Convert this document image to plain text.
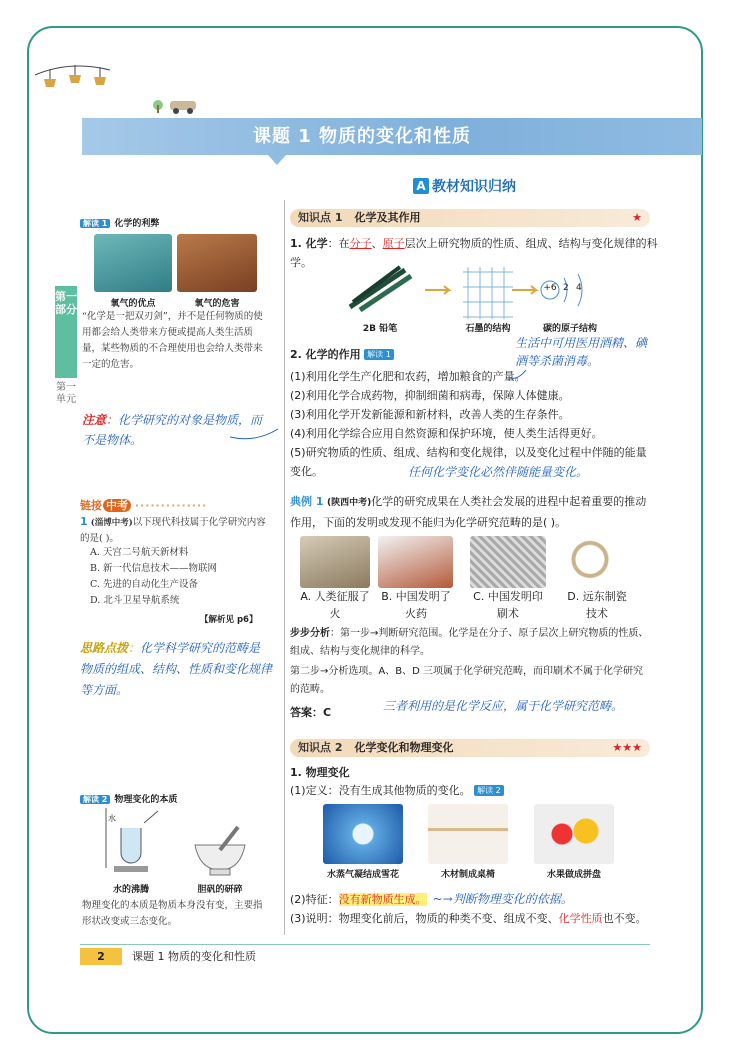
课题 1 物质的变化和性质
第一部分
第一单元
A 教材知识归纳
解读 1 化学的利弊
氧气的优点	氧气的危害
“化学是一把双刃剑”，并不是任何物质的使用都会给人类带来方便或提高人类生活质量，某些物质的不合理使用也会给人类带来一定的危害。
注意：化学研究的对象是物质，而不是物体。
链接 中考 ··············
1 (淄博中考)以下现代科技属于化学研究内容的是( )。
A. 天宫二号航天新材料
B. 新一代信息技术——物联网
C. 先进的自动化生产设备
D. 北斗卫星导航系统
【解析见 p6】
思路点拨：化学科学研究的范畴是物质的组成、结构、性质和变化规律等方面。
解读 2 物理变化的本质
水
水的沸腾	胆矾的研碎
物理变化的本质是物质本身没有变，主要指形状改变或三态变化。
知识点 1 化学及其作用	★
1. 化学：在分子、原子层次上研究物质的性质、组成、结构与变化规律的科学。
+6 2 4
2B 铅笔	石墨的结构	碳的原子结构
2. 化学的作用 解读 1
(1)利用化学生产化肥和农药，增加粮食的产量。
(2)利用化学合成药物，抑制细菌和病毒，保障人体健康。
(3)利用化学开发新能源和新材料，改善人类的生存条件。
(4)利用化学综合应用自然资源和保护环境，使人类生活得更好。
(5)研究物质的性质、组成、结构和变化规律，以及变化过程中伴随的能量变化。
生活中可用医用酒精、碘酒等杀菌消毒。
任何化学变化必然伴随能量变化。
典例 1 (陕西中考)化学的研究成果在人类社会发展的进程中起着重要的推动作用，下面的发明或发现不能归为化学研究范畴的是( )。
A. 人类征服了火
B. 中国发明了火药
C. 中国发明印刷术
D. 远东制瓷技术
步步分析：第一步→判断研究范围。化学是在分子、原子层次上研究物质的性质、组成、结构与变化规律的科学。
第二步→分析选项。A、B、D 三项属于化学研究范畴，而印刷术不属于化学研究的范畴。
答案：C	三者利用的是化学反应，属于化学研究范畴。
知识点 2 化学变化和物理变化	★★★
1. 物理变化
(1)定义：没有生成其他物质的变化。 解读 2
水蒸气凝结成雪花	木材制成桌椅	水果做成拼盘
(2)特征：没有新物质生成。 ~→判断物理变化的依据。
(3)说明：物理变化前后，物质的种类不变、组成不变、化学性质也不变。
2	课题 1 物质的变化和性质
